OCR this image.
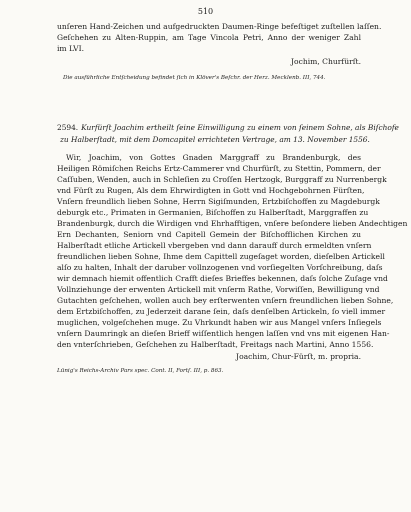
510
unſeren Hand-Zeichen und aufgedruckten Daumen-Ringe befeſtiget zuſtellen laſſen.
Geſchehen zu Alten-Ruppin, am Tage Vincola Petri, Anno der weniger Zahl
im LVI.
Jochim, Churfürſt.
Die ausführliche Entſcheidung befindet ſich in Klöver's Beſchr. der Herz. Mecklenb. III, 744.
2594. Kurfürſt Joachim ertheilt ſeine Einwilligung zu einem von ſeinem Sohne, als Biſchofe
zu Halberſtadt, mit dem Domcapitel errichteten Vertrage, am 13. November 1556.
Wir, Joachim, von Gottes Gnaden Marggraff zu Brandenburgk, des
Heiligen Römiſchen Reichs Ertz-Cammerer vnd Churfürſt, zu Stettin, Pommern, der
Caſſuben, Wenden, auch in Schleſien zu Croſſen Hertzogk, Burggraff zu Nurrenbergk
vnd Fürſt zu Rugen, Als dem Ehrwirdigten in Gott vnd Hochgebohrnen Fürſten,
Vnſern freundlich lieben Sohne, Herrn Sigiſmunden, Ertzbiſchoffen zu Magdeburgk
deburgk etc., Primaten in Germanien, Biſchoffen zu Halberſtadt, Marggraffen zu
Brandenburgk, durch die Wirdigen vnd Ehrhafftigen, vnſere beſondere lieben Andechtigen
Ern Dechanten, Seniorn vnd Capitell Gemein der Biſchofflichen Kirchen zu
Halberſtadt etliche Artickell vbergeben vnd dann darauff durch ermeldten vnſern
freundlichen lieben Sohne, Ihme dem Capittell zugeſaget worden, dieſelben Artickell
alſo zu halten, Inhalt der daruber vollnzogenen vnd vorſiegelten Vorſchreibung, daſs
wir demnach hiemit offentlich Crafft dieſes Brieffes bekennen, daſs ſolche Zuſage vnd
Vollnziehunge der erwenten Artickell mit vnſerm Rathe, Vorwiſſen, Bewilligung vnd
Gutachten geſchehen, wollen auch bey erſterwenten vnſern freundlichen lieben Sohne,
dem Ertzbiſchoffen, zu Jederzeit darane ſein, daſs denſelben Artickeln, ſo viell immer
muglichen, volgeſchehen muge. Zu Vhrkundt haben wir aus Mangel vnſers Inſiegels
vnſern Daumringk an dieſen Brieff wiſſentlich hengen laſſen vnd vns mit eigenen Han-
den vnterſchrieben, Geſchehen zu Halberſtadt, Freitags nach Martini, Anno 1556.
Joachim, Chur-Fürſt, m. propria.
Lünig's Reichs-Archiv Pars spec. Cont. II, Fortſ. III, p. 863.
